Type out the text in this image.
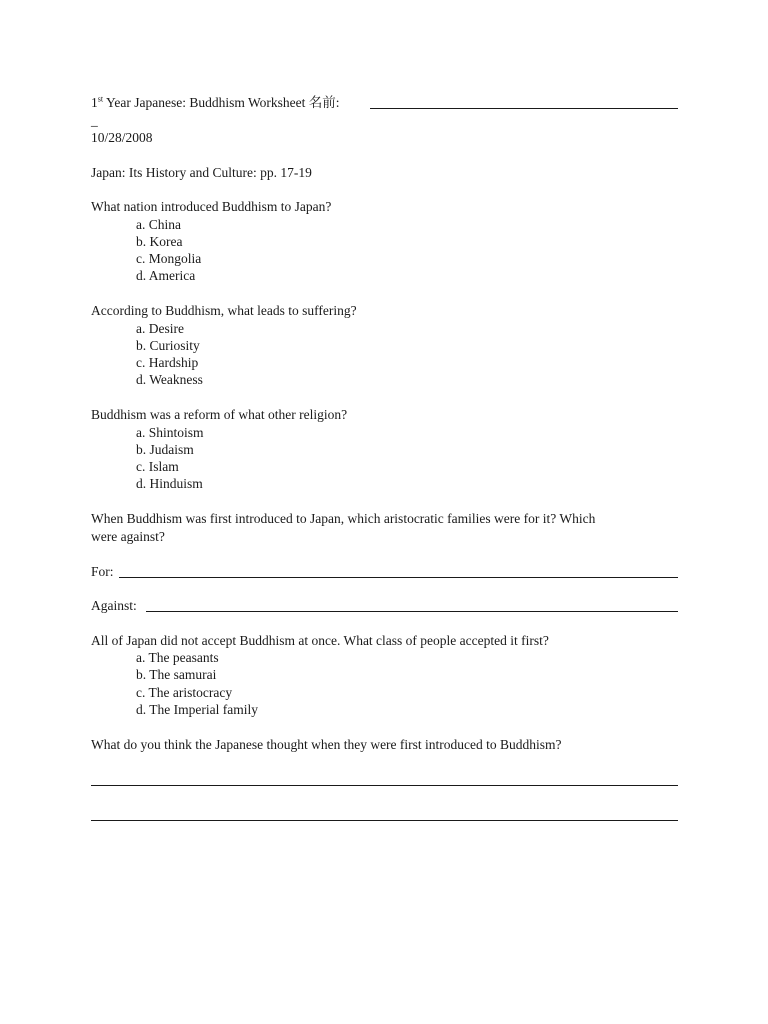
1st Year Japanese: Buddhism Worksheet 名前:
_
10/28/2008
Japan: Its History and Culture: pp. 17-19
What nation introduced Buddhism to Japan?
a. China
b. Korea
c. Mongolia
d. America
According to Buddhism, what leads to suffering?
a. Desire
b. Curiosity
c. Hardship
d. Weakness
Buddhism was a reform of what other religion?
a. Shintoism
b. Judaism
c. Islam
d. Hinduism
When Buddhism was first introduced to Japan, which aristocratic families were for it? Which
were against?
For:
Against:
All of Japan did not accept Buddhism at once. What class of people accepted it first?
a. The peasants
b. The samurai
c. The aristocracy
d. The Imperial family
What do you think the Japanese thought when they were first introduced to Buddhism?
